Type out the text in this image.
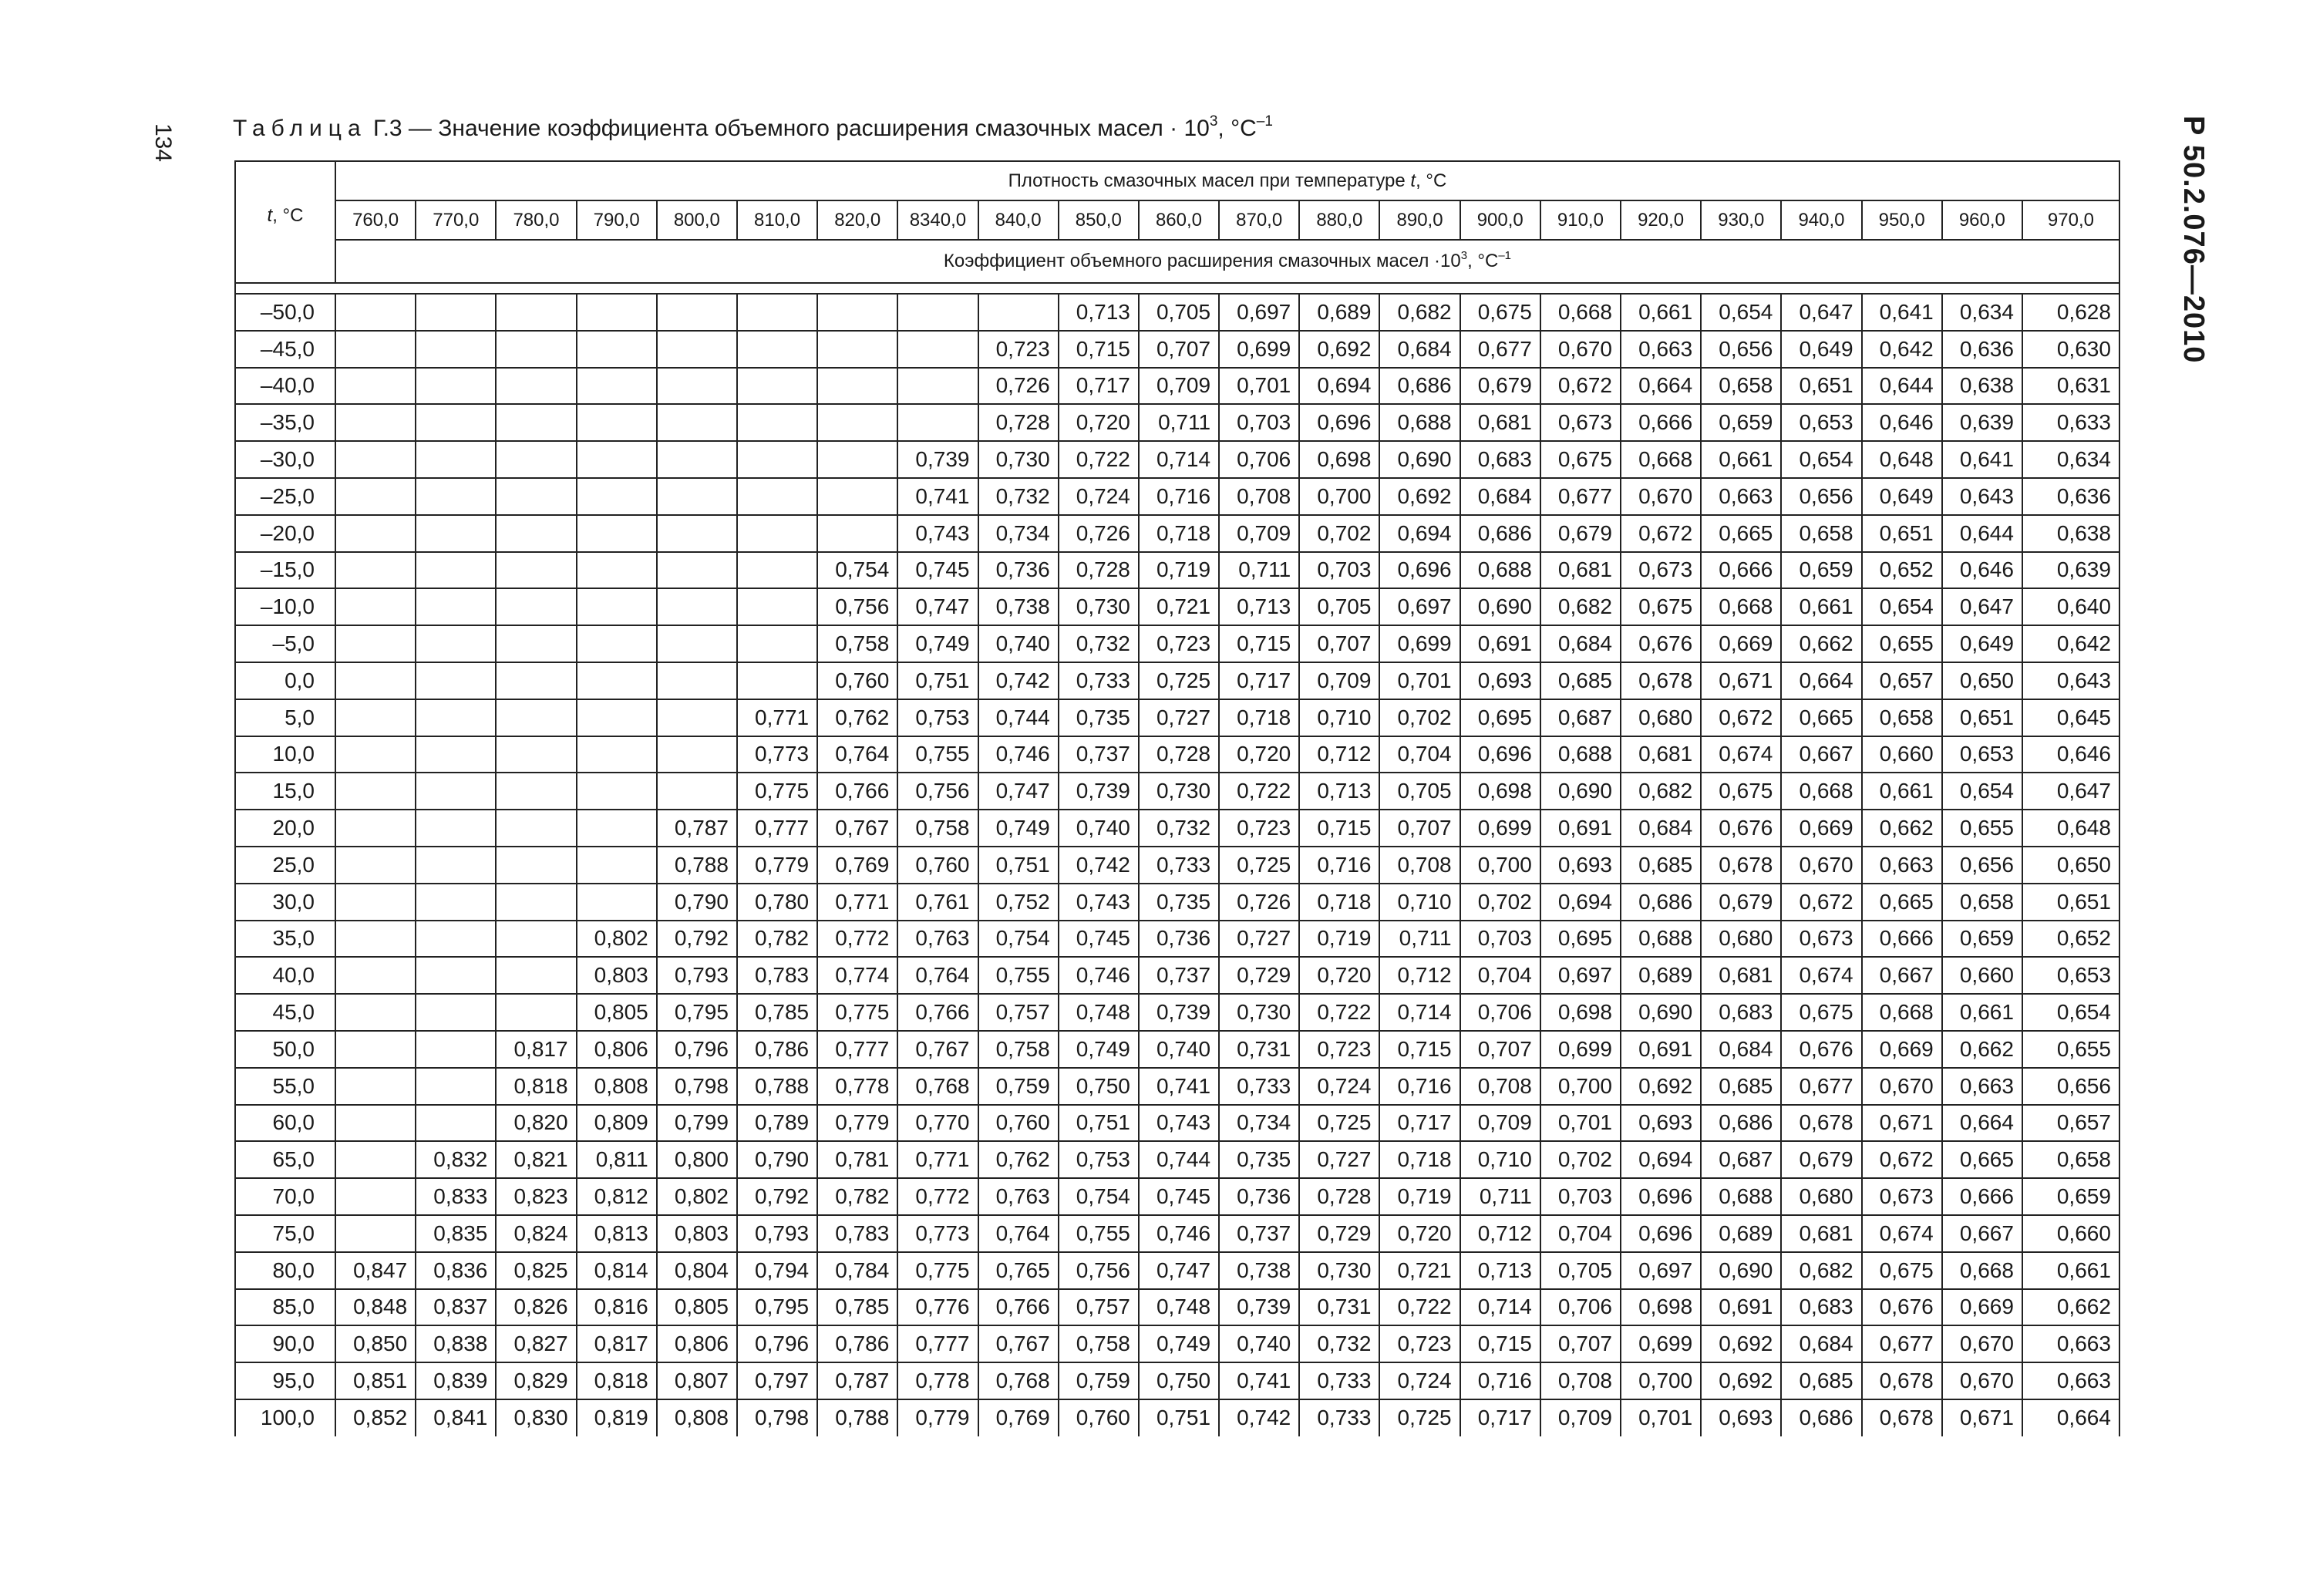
134	Р 50.2.076—2010
Таблица Г.3 — Значение коэффициента объемного расширения смазочных масел · $10^3$, $^\circ С^{-1}$
t, °С	Плотность смазочных масел при температуре t, °С																					
	760,0	770,0	780,0	790,0	800,0	810,0	820,0	8340,0	840,0	850,0	860,0	870,0	880,0	890,0	900,0	910,0	920,0	930,0	940,0	950,0	960,0	970,0
	Коэффициент объемного расширения смазочных масел $\cdot 10^3$, $^\circ С^{-1}$

–50,0										0,713	0,705	0,697	0,689	0,682	0,675	0,668	0,661	0,654	0,647	0,641	0,634	0,628
–45,0									0,723	0,715	0,707	0,699	0,692	0,684	0,677	0,670	0,663	0,656	0,649	0,642	0,636	0,630
–40,0									0,726	0,717	0,709	0,701	0,694	0,686	0,679	0,672	0,664	0,658	0,651	0,644	0,638	0,631
–35,0									0,728	0,720	0,711	0,703	0,696	0,688	0,681	0,673	0,666	0,659	0,653	0,646	0,639	0,633
–30,0								0,739	0,730	0,722	0,714	0,706	0,698	0,690	0,683	0,675	0,668	0,661	0,654	0,648	0,641	0,634
–25,0								0,741	0,732	0,724	0,716	0,708	0,700	0,692	0,684	0,677	0,670	0,663	0,656	0,649	0,643	0,636
–20,0								0,743	0,734	0,726	0,718	0,709	0,702	0,694	0,686	0,679	0,672	0,665	0,658	0,651	0,644	0,638
–15,0							0,754	0,745	0,736	0,728	0,719	0,711	0,703	0,696	0,688	0,681	0,673	0,666	0,659	0,652	0,646	0,639
–10,0							0,756	0,747	0,738	0,730	0,721	0,713	0,705	0,697	0,690	0,682	0,675	0,668	0,661	0,654	0,647	0,640
–5,0							0,758	0,749	0,740	0,732	0,723	0,715	0,707	0,699	0,691	0,684	0,676	0,669	0,662	0,655	0,649	0,642
0,0							0,760	0,751	0,742	0,733	0,725	0,717	0,709	0,701	0,693	0,685	0,678	0,671	0,664	0,657	0,650	0,643
5,0						0,771	0,762	0,753	0,744	0,735	0,727	0,718	0,710	0,702	0,695	0,687	0,680	0,672	0,665	0,658	0,651	0,645
10,0						0,773	0,764	0,755	0,746	0,737	0,728	0,720	0,712	0,704	0,696	0,688	0,681	0,674	0,667	0,660	0,653	0,646
15,0						0,775	0,766	0,756	0,747	0,739	0,730	0,722	0,713	0,705	0,698	0,690	0,682	0,675	0,668	0,661	0,654	0,647
20,0					0,787	0,777	0,767	0,758	0,749	0,740	0,732	0,723	0,715	0,707	0,699	0,691	0,684	0,676	0,669	0,662	0,655	0,648
25,0					0,788	0,779	0,769	0,760	0,751	0,742	0,733	0,725	0,716	0,708	0,700	0,693	0,685	0,678	0,670	0,663	0,656	0,650
30,0					0,790	0,780	0,771	0,761	0,752	0,743	0,735	0,726	0,718	0,710	0,702	0,694	0,686	0,679	0,672	0,665	0,658	0,651
35,0				0,802	0,792	0,782	0,772	0,763	0,754	0,745	0,736	0,727	0,719	0,711	0,703	0,695	0,688	0,680	0,673	0,666	0,659	0,652
40,0				0,803	0,793	0,783	0,774	0,764	0,755	0,746	0,737	0,729	0,720	0,712	0,704	0,697	0,689	0,681	0,674	0,667	0,660	0,653
45,0				0,805	0,795	0,785	0,775	0,766	0,757	0,748	0,739	0,730	0,722	0,714	0,706	0,698	0,690	0,683	0,675	0,668	0,661	0,654
50,0			0,817	0,806	0,796	0,786	0,777	0,767	0,758	0,749	0,740	0,731	0,723	0,715	0,707	0,699	0,691	0,684	0,676	0,669	0,662	0,655
55,0			0,818	0,808	0,798	0,788	0,778	0,768	0,759	0,750	0,741	0,733	0,724	0,716	0,708	0,700	0,692	0,685	0,677	0,670	0,663	0,656
60,0			0,820	0,809	0,799	0,789	0,779	0,770	0,760	0,751	0,743	0,734	0,725	0,717	0,709	0,701	0,693	0,686	0,678	0,671	0,664	0,657
65,0		0,832	0,821	0,811	0,800	0,790	0,781	0,771	0,762	0,753	0,744	0,735	0,727	0,718	0,710	0,702	0,694	0,687	0,679	0,672	0,665	0,658
70,0		0,833	0,823	0,812	0,802	0,792	0,782	0,772	0,763	0,754	0,745	0,736	0,728	0,719	0,711	0,703	0,696	0,688	0,680	0,673	0,666	0,659
75,0		0,835	0,824	0,813	0,803	0,793	0,783	0,773	0,764	0,755	0,746	0,737	0,729	0,720	0,712	0,704	0,696	0,689	0,681	0,674	0,667	0,660
80,0	0,847	0,836	0,825	0,814	0,804	0,794	0,784	0,775	0,765	0,756	0,747	0,738	0,730	0,721	0,713	0,705	0,697	0,690	0,682	0,675	0,668	0,661
85,0	0,848	0,837	0,826	0,816	0,805	0,795	0,785	0,776	0,766	0,757	0,748	0,739	0,731	0,722	0,714	0,706	0,698	0,691	0,683	0,676	0,669	0,662
90,0	0,850	0,838	0,827	0,817	0,806	0,796	0,786	0,777	0,767	0,758	0,749	0,740	0,732	0,723	0,715	0,707	0,699	0,692	0,684	0,677	0,670	0,663
95,0	0,851	0,839	0,829	0,818	0,807	0,797	0,787	0,778	0,768	0,759	0,750	0,741	0,733	0,724	0,716	0,708	0,700	0,692	0,685	0,678	0,670	0,663
100,0	0,852	0,841	0,830	0,819	0,808	0,798	0,788	0,779	0,769	0,760	0,751	0,742	0,733	0,725	0,717	0,709	0,701	0,693	0,686	0,678	0,671	0,664
